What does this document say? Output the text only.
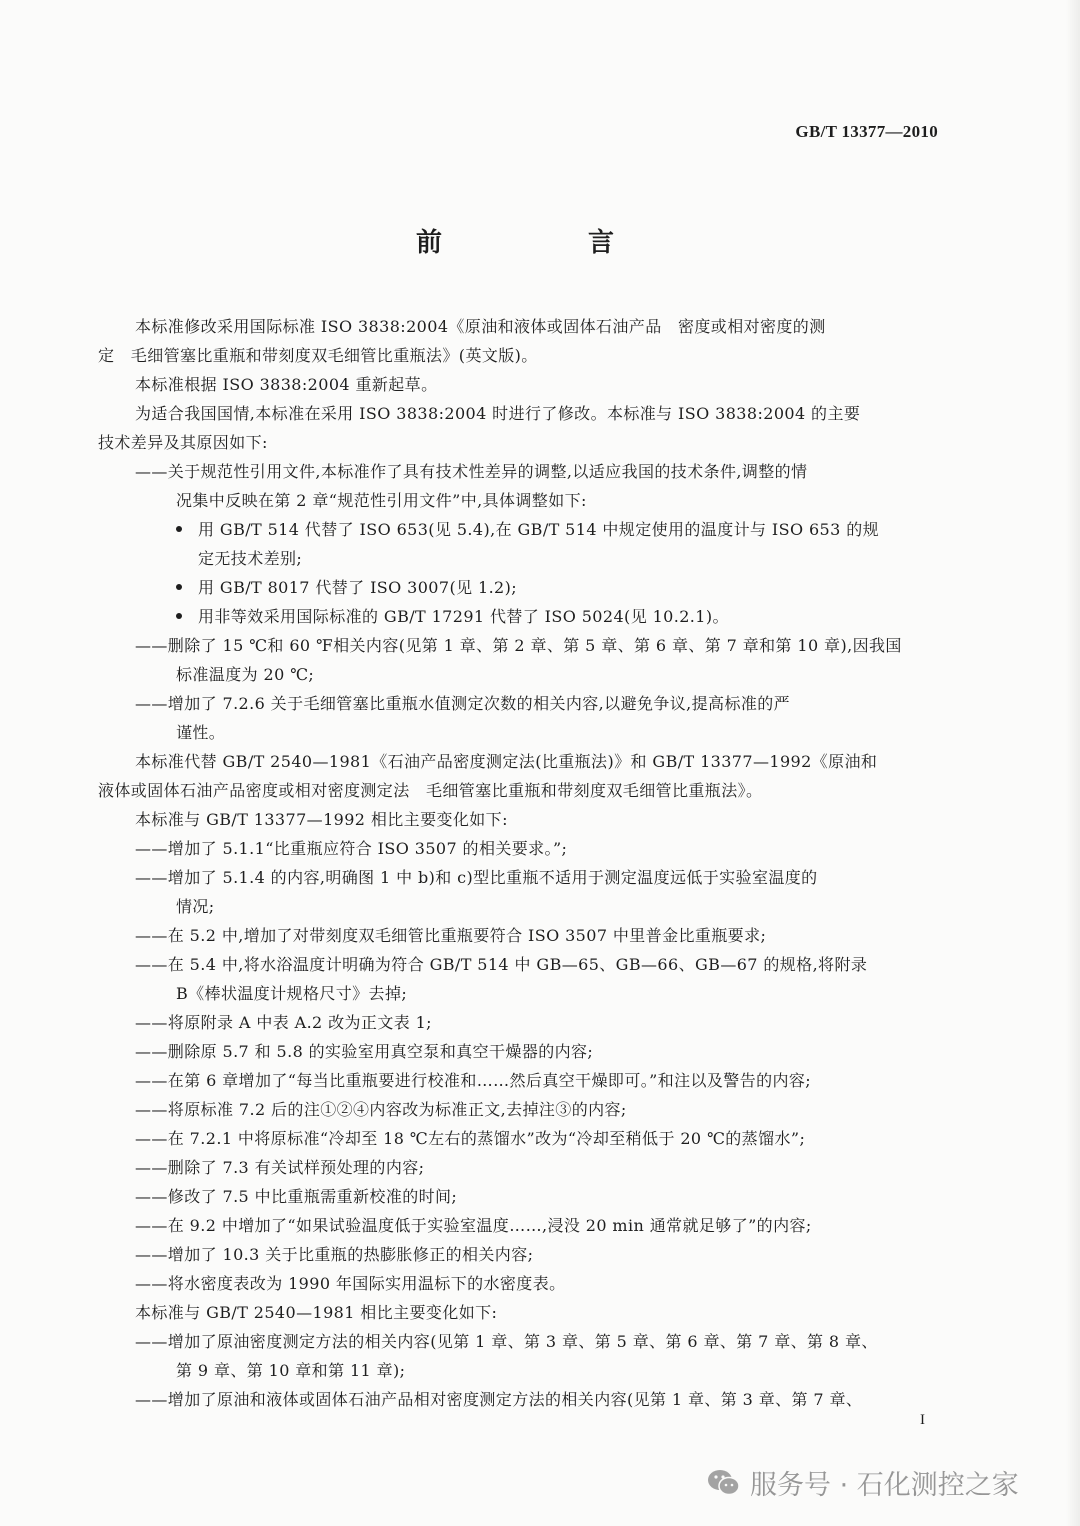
GB/T 13377—2010
前　言
本标准修改采用国际标准 ISO 3838:2004《原油和液体或固体石油产品　密度或相对密度的测
定　毛细管塞比重瓶和带刻度双毛细管比重瓶法》(英文版)。
本标准根据 ISO 3838:2004 重新起草。
为适合我国国情,本标准在采用 ISO 3838:2004 时进行了修改。本标准与 ISO 3838:2004 的主要
技术差异及其原因如下:
——关于规范性引用文件,本标准作了具有技术性差异的调整,以适应我国的技术条件,调整的情
况集中反映在第 2 章“规范性引用文件”中,具体调整如下:
用 GB/T 514 代替了 ISO 653(见 5.4),在 GB/T 514 中规定使用的温度计与 ISO 653 的规
定无技术差别;
用 GB/T 8017 代替了 ISO 3007(见 1.2);
用非等效采用国际标准的 GB/T 17291 代替了 ISO 5024(见 10.2.1)。
——删除了 15 ℃和 60 ℉相关内容(见第 1 章、第 2 章、第 5 章、第 6 章、第 7 章和第 10 章),因我国
标准温度为 20 ℃;
——增加了 7.2.6 关于毛细管塞比重瓶水值测定次数的相关内容,以避免争议,提高标准的严
谨性。
本标准代替 GB/T 2540—1981《石油产品密度测定法(比重瓶法)》和 GB/T 13377—1992《原油和
液体或固体石油产品密度或相对密度测定法　毛细管塞比重瓶和带刻度双毛细管比重瓶法》。
本标准与 GB/T 13377—1992 相比主要变化如下:
——增加了 5.1.1“比重瓶应符合 ISO 3507 的相关要求。”;
——增加了 5.1.4 的内容,明确图 1 中 b)和 c)型比重瓶不适用于测定温度远低于实验室温度的
情况;
——在 5.2 中,增加了对带刻度双毛细管比重瓶要符合 ISO 3507 中里普金比重瓶要求;
——在 5.4 中,将水浴温度计明确为符合 GB/T 514 中 GB—65、GB—66、GB—67 的规格,将附录
B《棒状温度计规格尺寸》去掉;
——将原附录 A 中表 A.2 改为正文表 1;
——删除原 5.7 和 5.8 的实验室用真空泵和真空干燥器的内容;
——在第 6 章增加了“每当比重瓶要进行校准和……然后真空干燥即可。”和注以及警告的内容;
——将原标准 7.2 后的注①②④内容改为标准正文,去掉注③的内容;
——在 7.2.1 中将原标准“冷却至 18 ℃左右的蒸馏水”改为“冷却至稍低于 20 ℃的蒸馏水”;
——删除了 7.3 有关试样预处理的内容;
——修改了 7.5 中比重瓶需重新校准的时间;
——在 9.2 中增加了“如果试验温度低于实验室温度……,浸没 20 min 通常就足够了”的内容;
——增加了 10.3 关于比重瓶的热膨胀修正的相关内容;
——将水密度表改为 1990 年国际实用温标下的水密度表。
本标准与 GB/T 2540—1981 相比主要变化如下:
——增加了原油密度测定方法的相关内容(见第 1 章、第 3 章、第 5 章、第 6 章、第 7 章、第 8 章、
第 9 章、第 10 章和第 11 章);
——增加了原油和液体或固体石油产品相对密度测定方法的相关内容(见第 1 章、第 3 章、第 7 章、
I
服务号 · 石化测控之家
